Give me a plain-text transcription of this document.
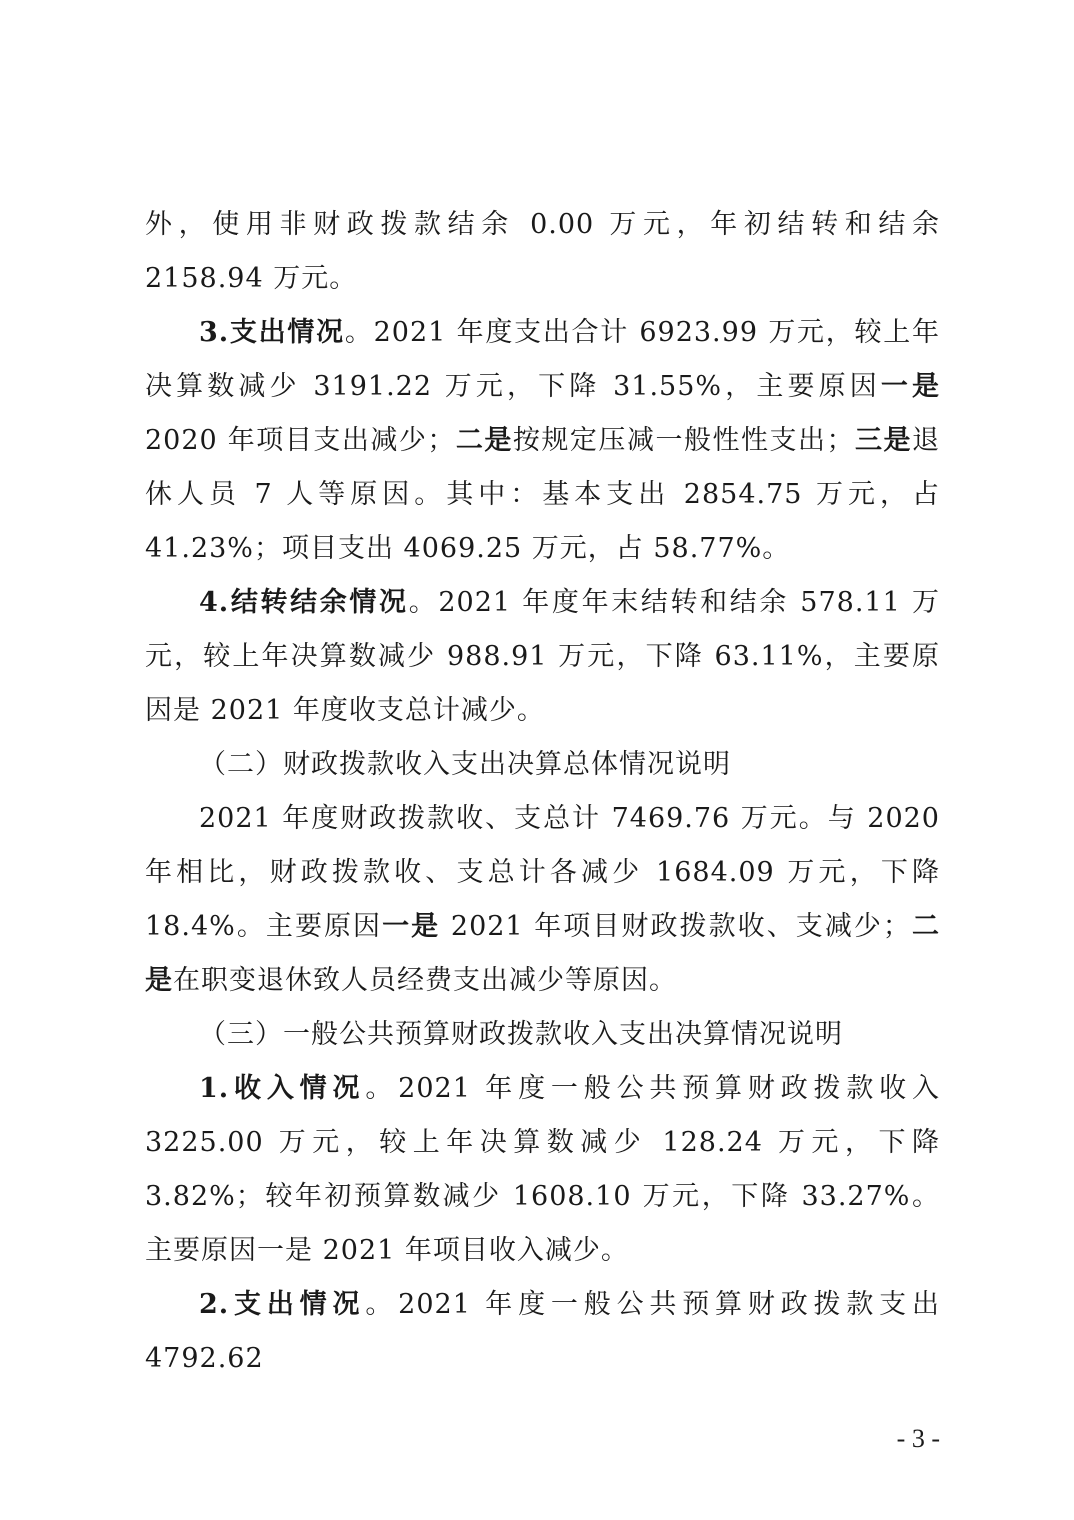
外，使用非财政拨款结余 0.00 万元，年初结转和结余 2158.94 万元。

3.支出情况。2021 年度支出合计 6923.99 万元，较上年决算数减少 3191.22 万元，下降 31.55%，主要原因一是 2020 年项目支出减少；二是按规定压减一般性性支出；三是退休人员 7 人等原因。其中：基本支出 2854.75 万元，占 41.23%；项目支出 4069.25 万元，占 58.77%。

4.结转结余情况。2021 年度年末结转和结余 578.11 万元，较上年决算数减少 988.91 万元，下降 63.11%，主要原因是 2021 年度收支总计减少。

（二）财政拨款收入支出决算总体情况说明

2021 年度财政拨款收、支总计 7469.76 万元。与 2020 年相比，财政拨款收、支总计各减少 1684.09 万元，下降 18.4%。主要原因一是 2021 年项目财政拨款收、支减少；二是在职变退休致人员经费支出减少等原因。

（三）一般公共预算财政拨款收入支出决算情况说明

1.收入情况。2021 年度一般公共预算财政拨款收入 3225.00 万元，较上年决算数减少 128.24 万元，下降 3.82%；较年初预算数减少 1608.10 万元，下降 33.27%。主要原因一是 2021 年项目收入减少。

2.支出情况。2021 年度一般公共预算财政拨款支出 4792.62

- 3 -
